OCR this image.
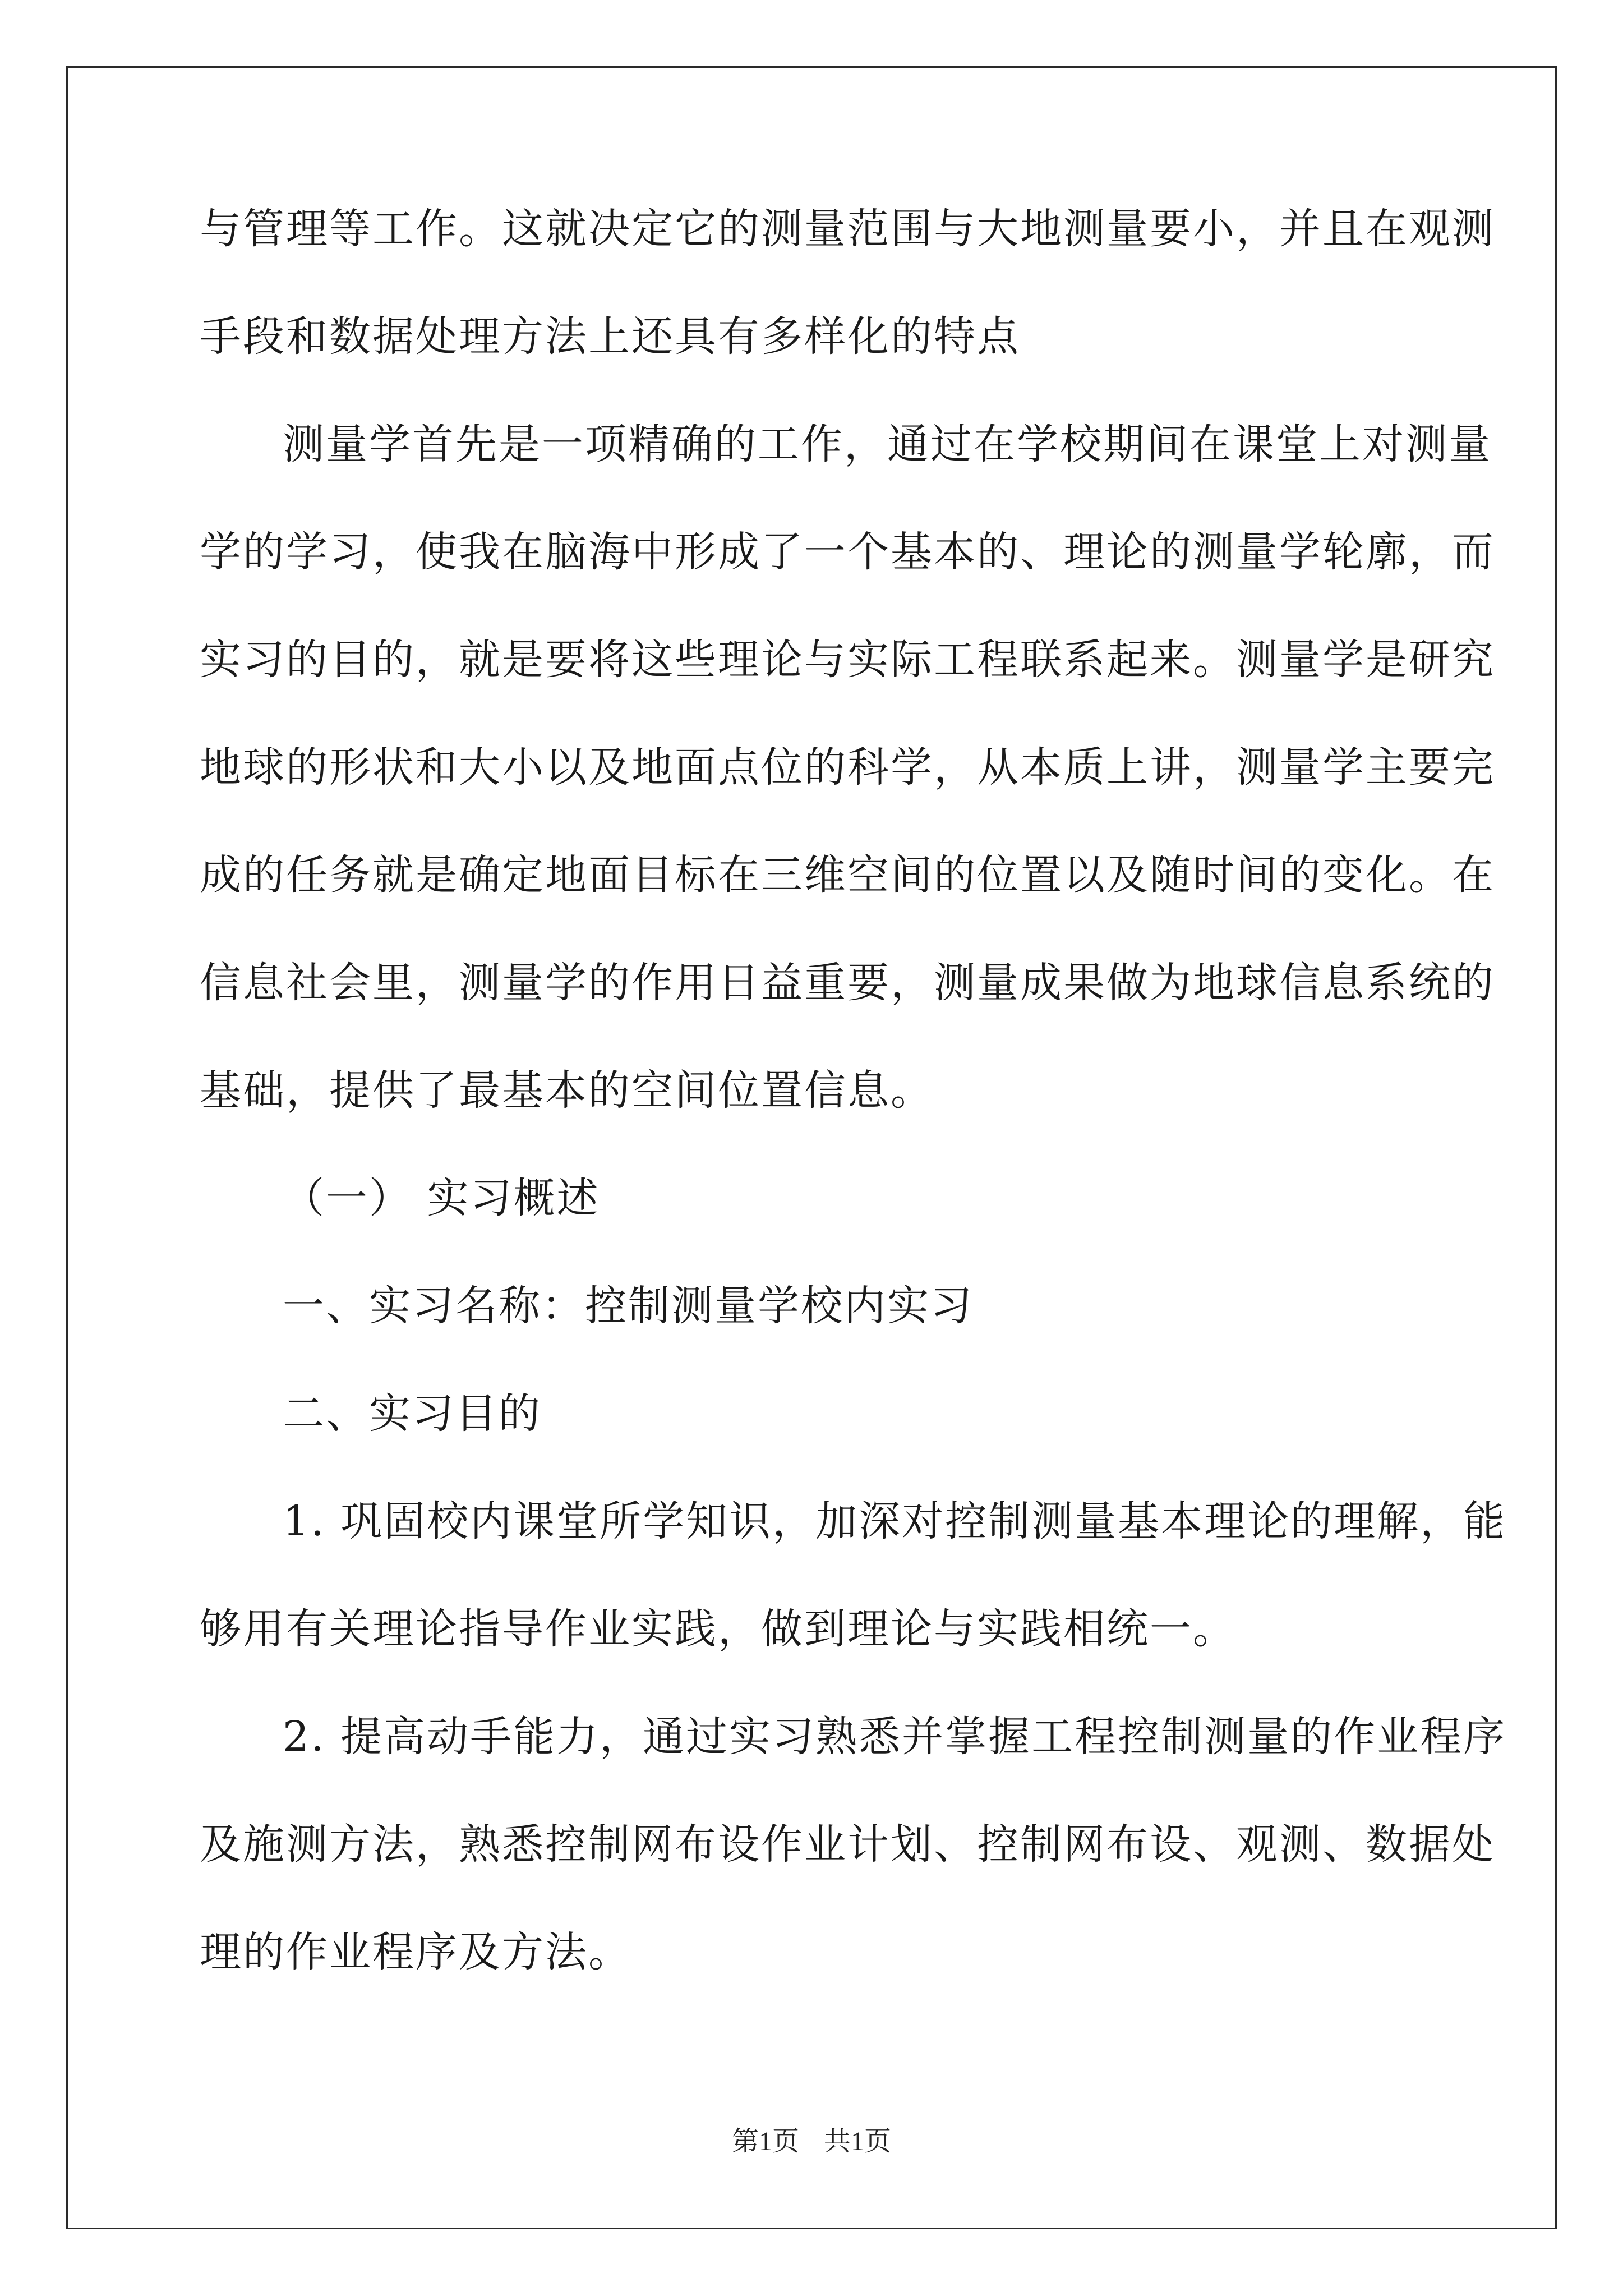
与管理等工作。这就决定它的测量范围与大地测量要小，并且在观测
手段和数据处理方法上还具有多样化的特点
测量学首先是一项精确的工作，通过在学校期间在课堂上对测量
学的学习，使我在脑海中形成了一个基本的、理论的测量学轮廓，而
实习的目的，就是要将这些理论与实际工程联系起来。测量学是研究
地球的形状和大小以及地面点位的科学，从本质上讲，测量学主要完
成的任务就是确定地面目标在三维空间的位置以及随时间的变化。在
信息社会里，测量学的作用日益重要，测量成果做为地球信息系统的
基础，提供了最基本的空间位置信息。
（一） 实习概述
一、实习名称：控制测量学校内实习
二、实习目的
1. 巩固校内课堂所学知识，加深对控制测量基本理论的理解，能
够用有关理论指导作业实践，做到理论与实践相统一。
2. 提高动手能力，通过实习熟悉并掌握工程控制测量的作业程序
及施测方法，熟悉控制网布设作业计划、控制网布设、观测、数据处
理的作业程序及方法。
第1页 共1页
